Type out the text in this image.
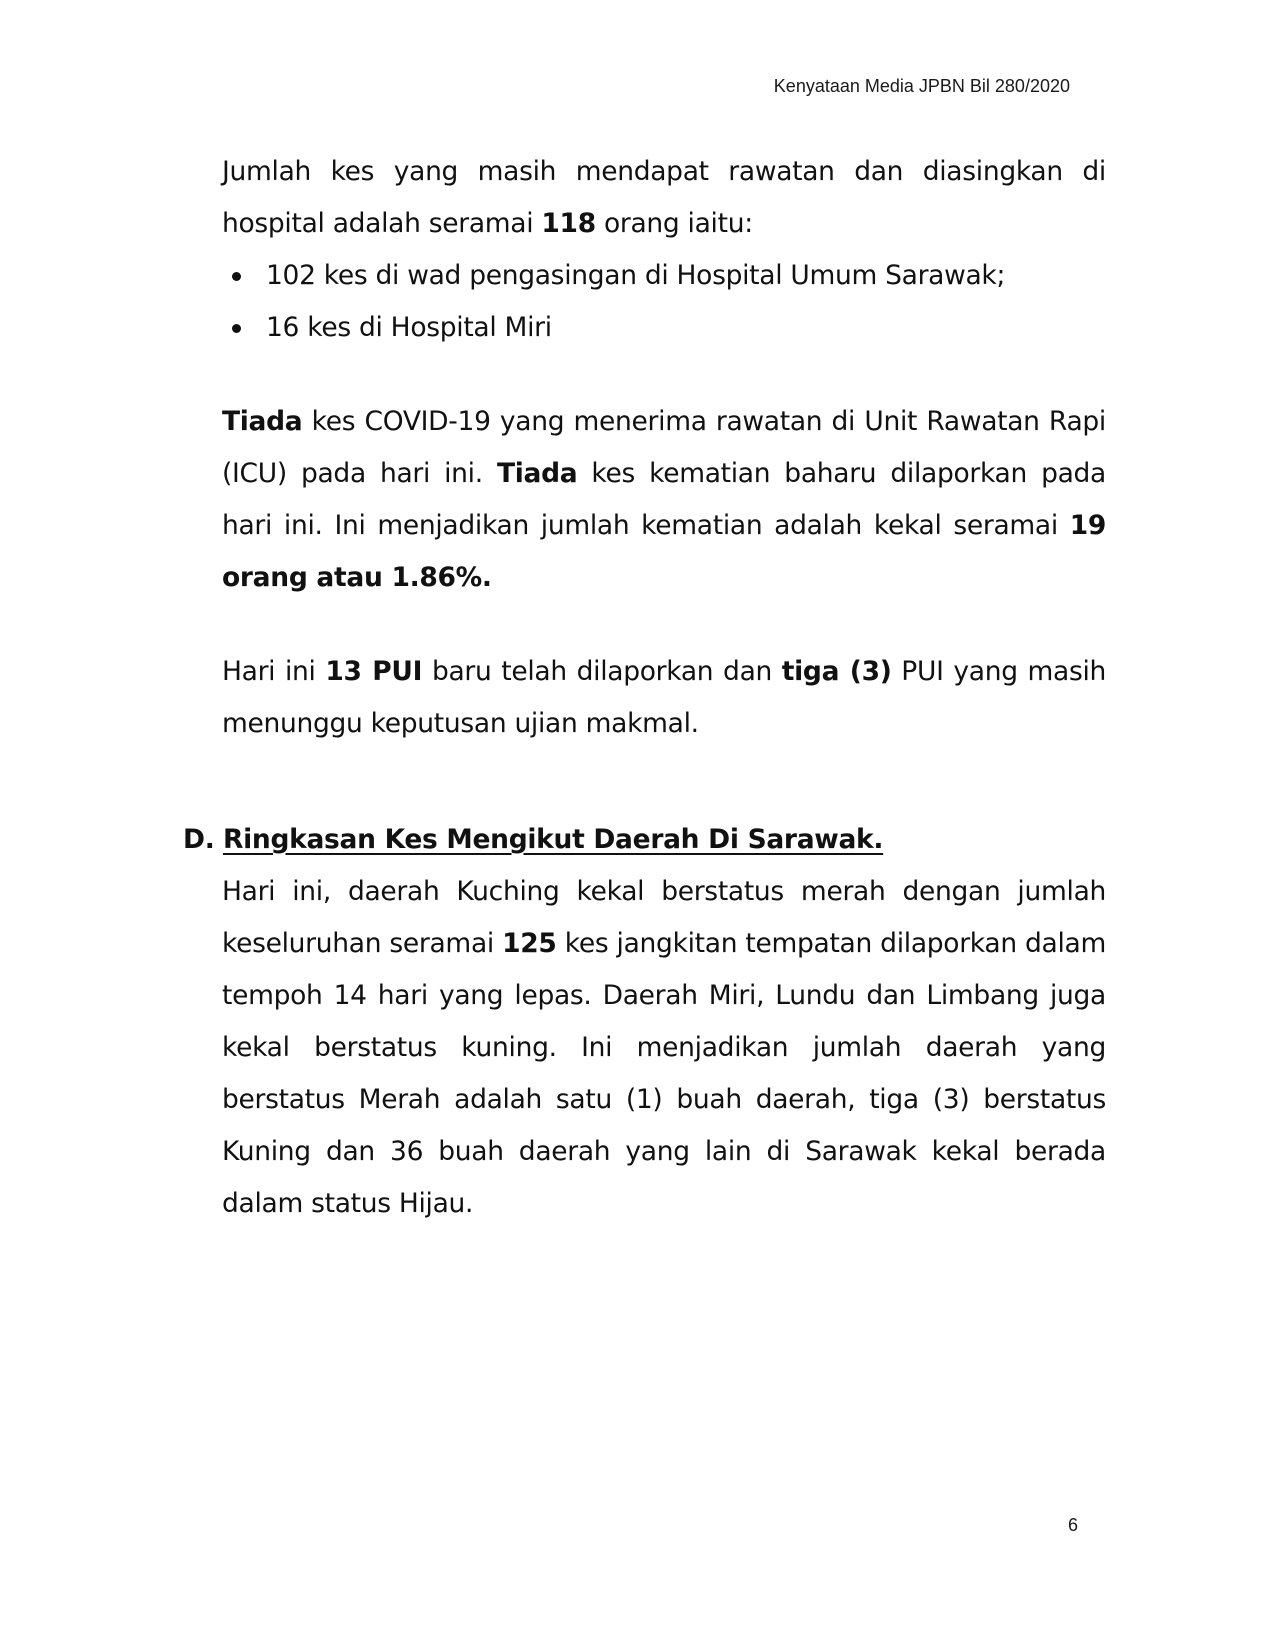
Kenyataan Media JPBN Bil 280/2020
Jumlah kes yang masih mendapat rawatan dan diasingkan di hospital adalah seramai 118 orang iaitu:
102 kes di wad pengasingan di Hospital Umum Sarawak;
16 kes di Hospital Miri
Tiada kes COVID-19 yang menerima rawatan di Unit Rawatan Rapi (ICU) pada hari ini. Tiada kes kematian baharu dilaporkan pada hari ini. Ini menjadikan jumlah kematian adalah kekal seramai 19 orang atau 1.86%.
Hari ini 13 PUI baru telah dilaporkan dan tiga (3) PUI yang masih menunggu keputusan ujian makmal.
D. Ringkasan Kes Mengikut Daerah Di Sarawak.
Hari ini, daerah Kuching kekal berstatus merah dengan jumlah keseluruhan seramai 125 kes jangkitan tempatan dilaporkan dalam tempoh 14 hari yang lepas. Daerah Miri, Lundu dan Limbang juga kekal berstatus kuning. Ini menjadikan jumlah daerah yang berstatus Merah adalah satu (1) buah daerah, tiga (3) berstatus Kuning dan 36 buah daerah yang lain di Sarawak kekal berada dalam status Hijau.
6
